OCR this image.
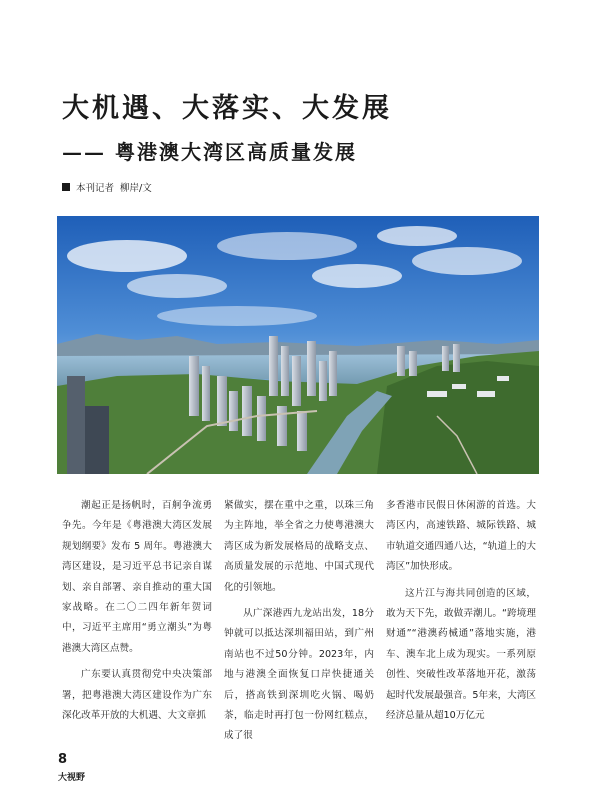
大机遇、大落实、大发展
—— 粤港澳大湾区高质量发展
本刊记者 柳岸/文

潮起正是扬帆时，百舸争流勇争先。今年是《粤港澳大湾区发展规划纲要》发布 5 周年。粤港澳大湾区建设，是习近平总书记亲自谋划、亲自部署、亲自推动的重大国家战略。在二〇二四年新年贺词中，习近平主席用“勇立潮头”为粤港澳大湾区点赞。

广东要认真贯彻党中央决策部署，把粤港澳大湾区建设作为广东深化改革开放的大机遇、大文章抓

紧做实，摆在重中之重，以珠三角为主阵地，举全省之力使粤港澳大湾区成为新发展格局的战略支点、高质量发展的示范地、中国式现代化的引领地。

从广深港西九龙站出发，18分钟就可以抵达深圳福田站，到广州南站也不过50分钟。2023年，内地与港澳全面恢复口岸快捷通关后，搭高铁到深圳吃火锅、喝奶茶，临走时再打包一份网红糕点，成了很

多香港市民假日休闲游的首选。大湾区内，高速铁路、城际铁路、城市轨道交通四通八达，“轨道上的大湾区”加快形成。

这片江与海共同创造的区域，敢为天下先，敢做弄潮儿。“跨境理财通”“港澳药械通”落地实施，港车、澳车北上成为现实。一系列原创性、突破性改革落地开花，激荡起时代发展最强音。5年来，大湾区经济总量从超10万亿元

8
大视野
